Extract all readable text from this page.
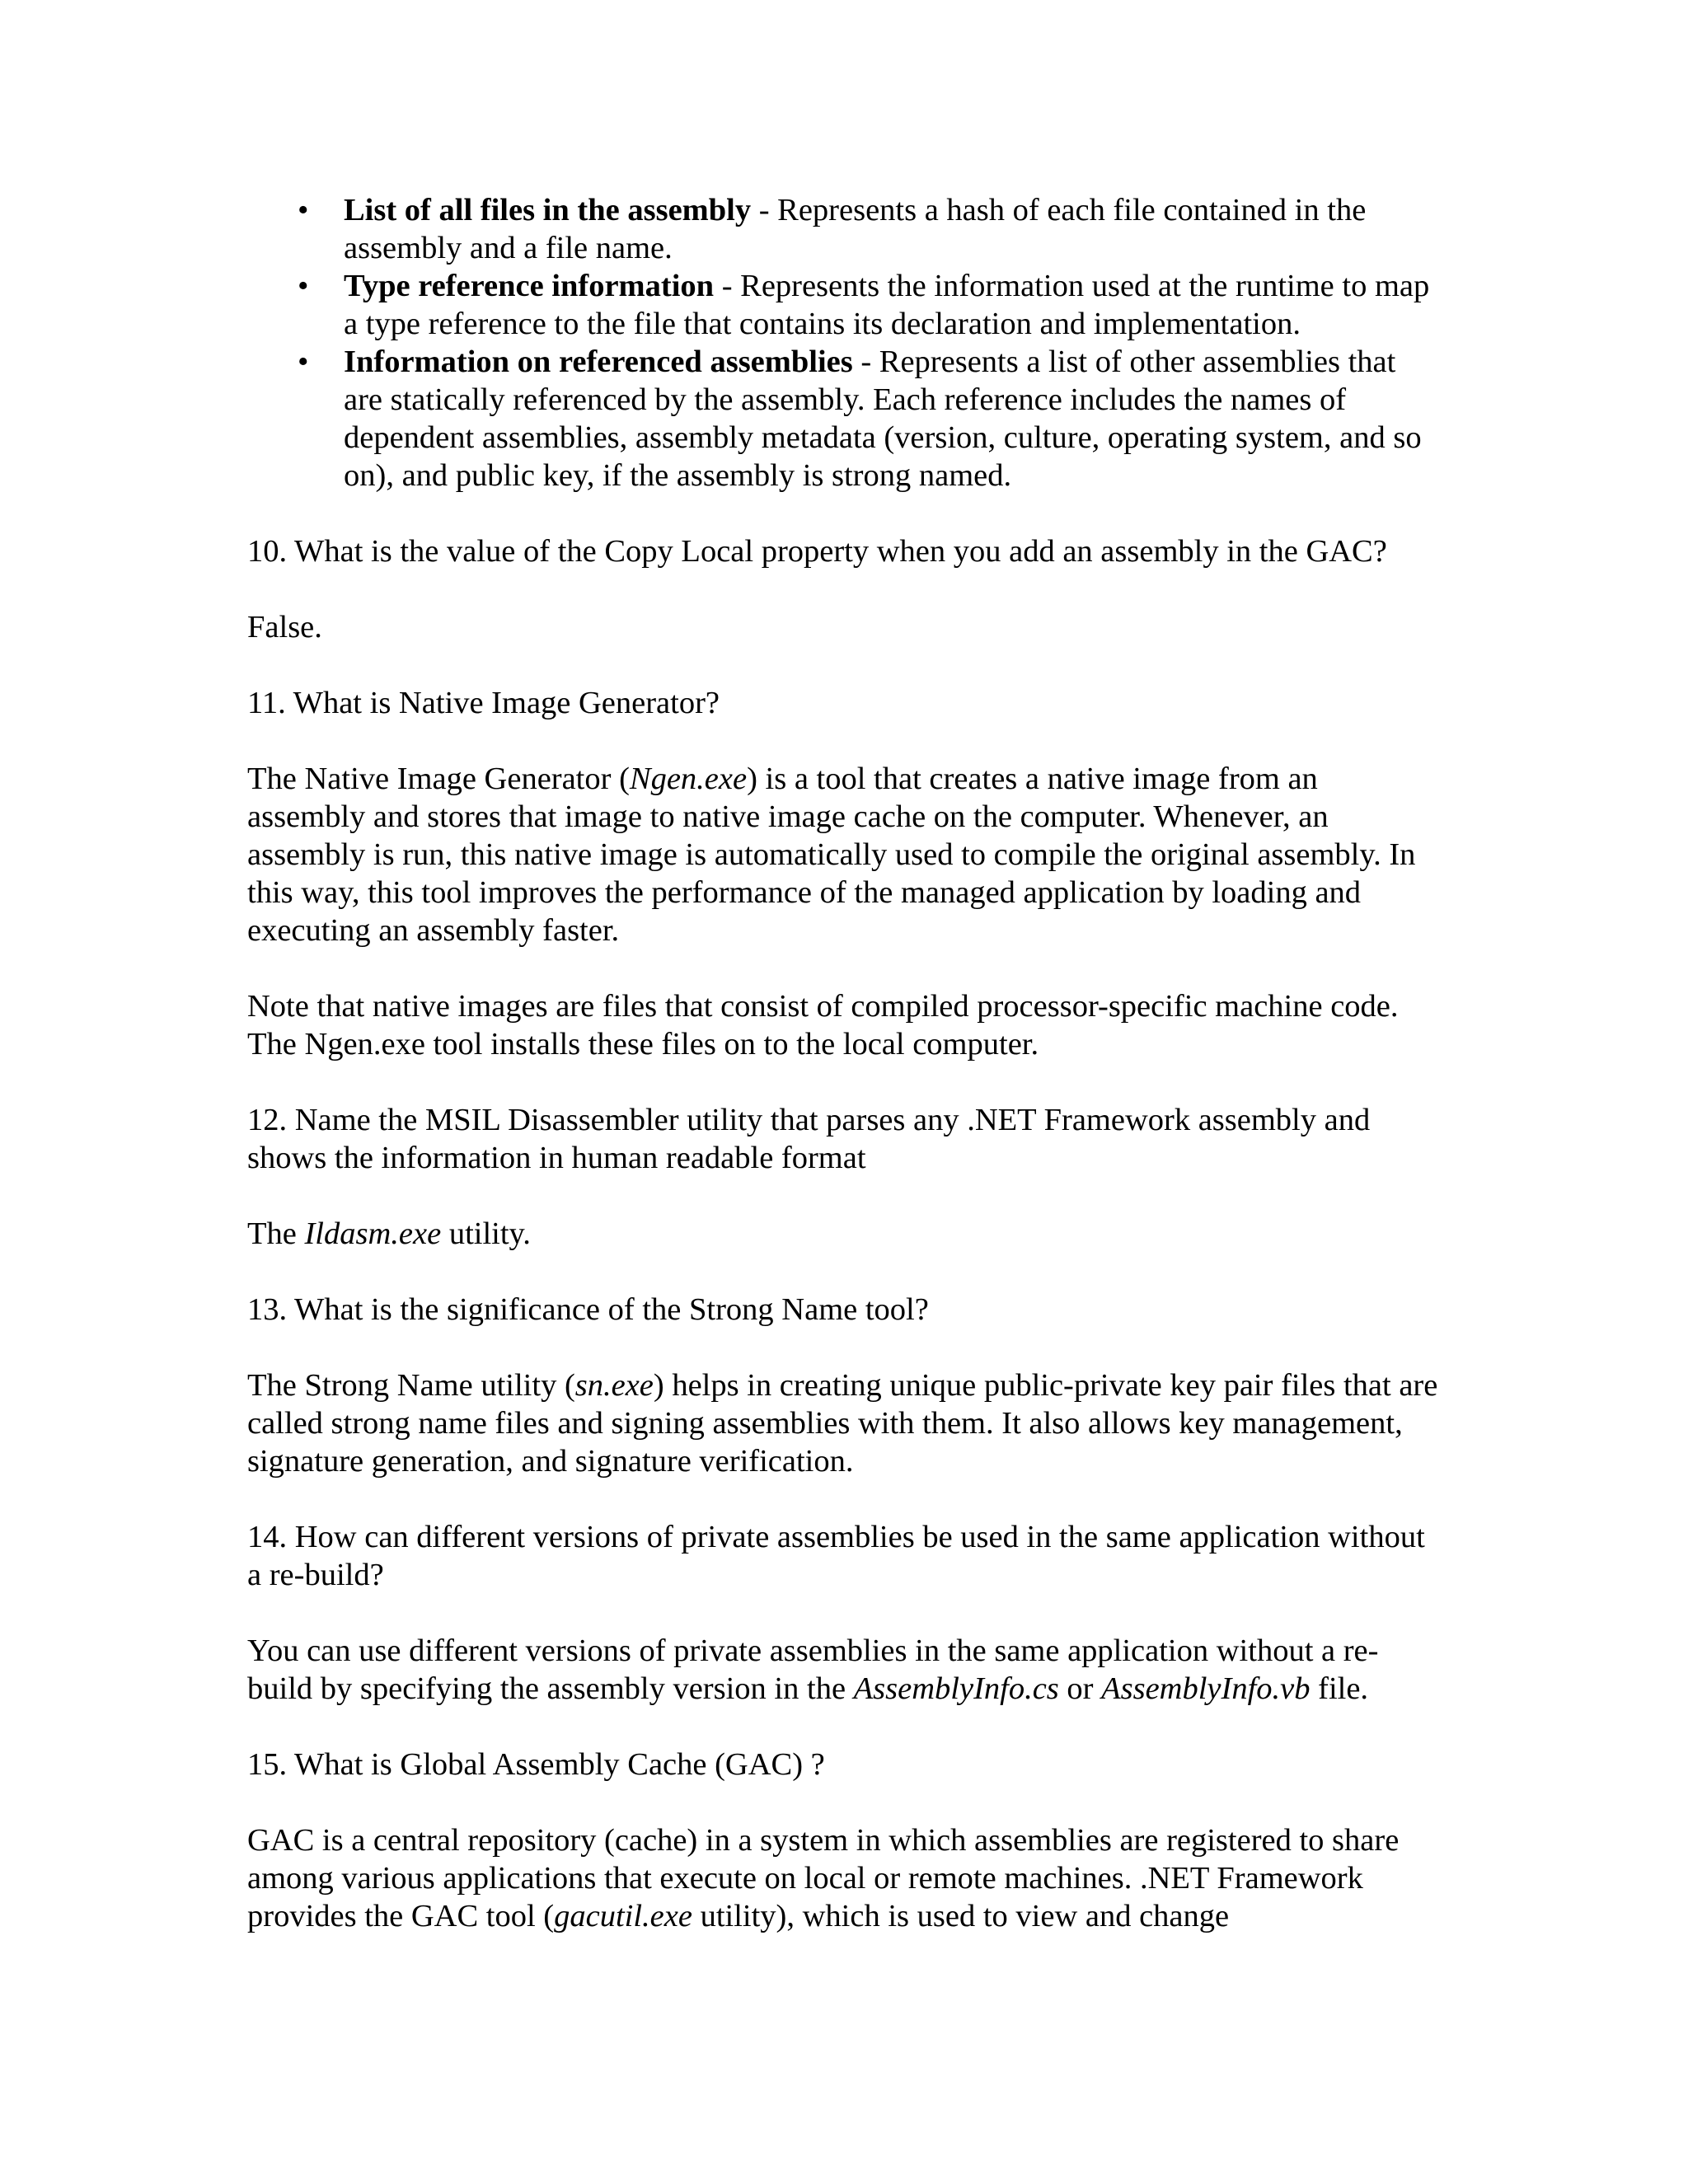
• List of all files in the assembly - Represents a hash of each file contained in the assembly and a file name.
• Type reference information - Represents the information used at the runtime to map a type reference to the file that contains its declaration and implementation.
• Information on referenced assemblies - Represents a list of other assemblies that are statically referenced by the assembly. Each reference includes the names of dependent assemblies, assembly metadata (version, culture, operating system, and so on), and public key, if the assembly is strong named.

10. What is the value of the Copy Local property when you add an assembly in the GAC?

False.

11. What is Native Image Generator?

The Native Image Generator (Ngen.exe) is a tool that creates a native image from an assembly and stores that image to native image cache on the computer. Whenever, an assembly is run, this native image is automatically used to compile the original assembly. In this way, this tool improves the performance of the managed application by loading and executing an assembly faster.

Note that native images are files that consist of compiled processor-specific machine code. The Ngen.exe tool installs these files on to the local computer.

12. Name the MSIL Disassembler utility that parses any .NET Framework assembly and shows the information in human readable format

The Ildasm.exe utility.

13. What is the significance of the Strong Name tool?

The Strong Name utility (sn.exe) helps in creating unique public-private key pair files that are called strong name files and signing assemblies with them. It also allows key management, signature generation, and signature verification.

14. How can different versions of private assemblies be used in the same application without a re-build?

You can use different versions of private assemblies in the same application without a re-build by specifying the assembly version in the AssemblyInfo.cs or AssemblyInfo.vb file.

15. What is Global Assembly Cache (GAC) ?

GAC is a central repository (cache) in a system in which assemblies are registered to share among various applications that execute on local or remote machines. .NET Framework provides the GAC tool (gacutil.exe utility), which is used to view and change
